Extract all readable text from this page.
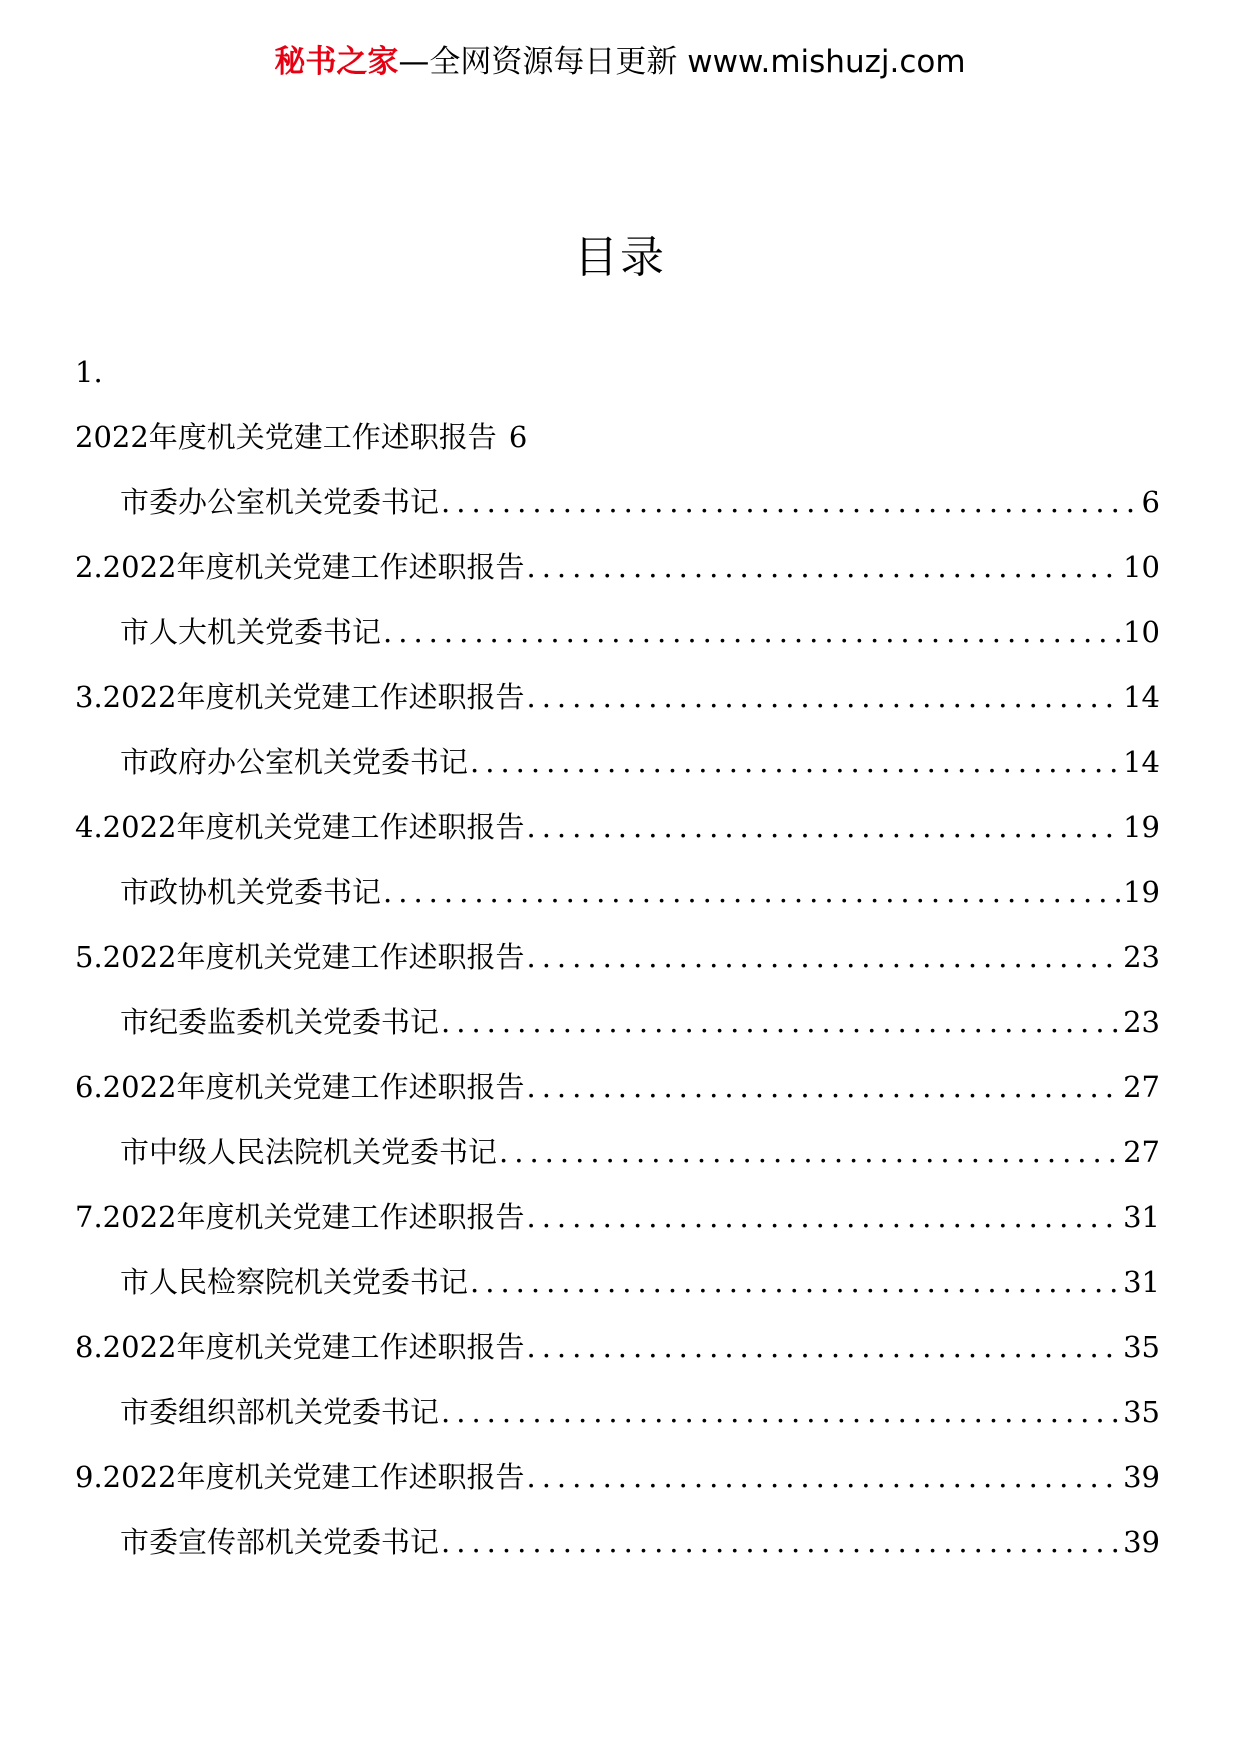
秘书之家—全网资源每日更新 www.mishuzj.com
目录
1.
2022年度机关党建工作述职报告 6
市委办公室机关党委书记 .....	6
2.2022年度机关党建工作述职报告 .....	10
市人大机关党委书记 .....	10
3.2022年度机关党建工作述职报告 .....	14
市政府办公室机关党委书记 .....	14
4.2022年度机关党建工作述职报告 .....	19
市政协机关党委书记 .....	19
5.2022年度机关党建工作述职报告 .....	23
市纪委监委机关党委书记 .....	23
6.2022年度机关党建工作述职报告 .....	27
市中级人民法院机关党委书记 .....	27
7.2022年度机关党建工作述职报告 .....	31
市人民检察院机关党委书记 .....	31
8.2022年度机关党建工作述职报告 .....	35
市委组织部机关党委书记 .....	35
9.2022年度机关党建工作述职报告 .....	39
市委宣传部机关党委书记 .....	39
